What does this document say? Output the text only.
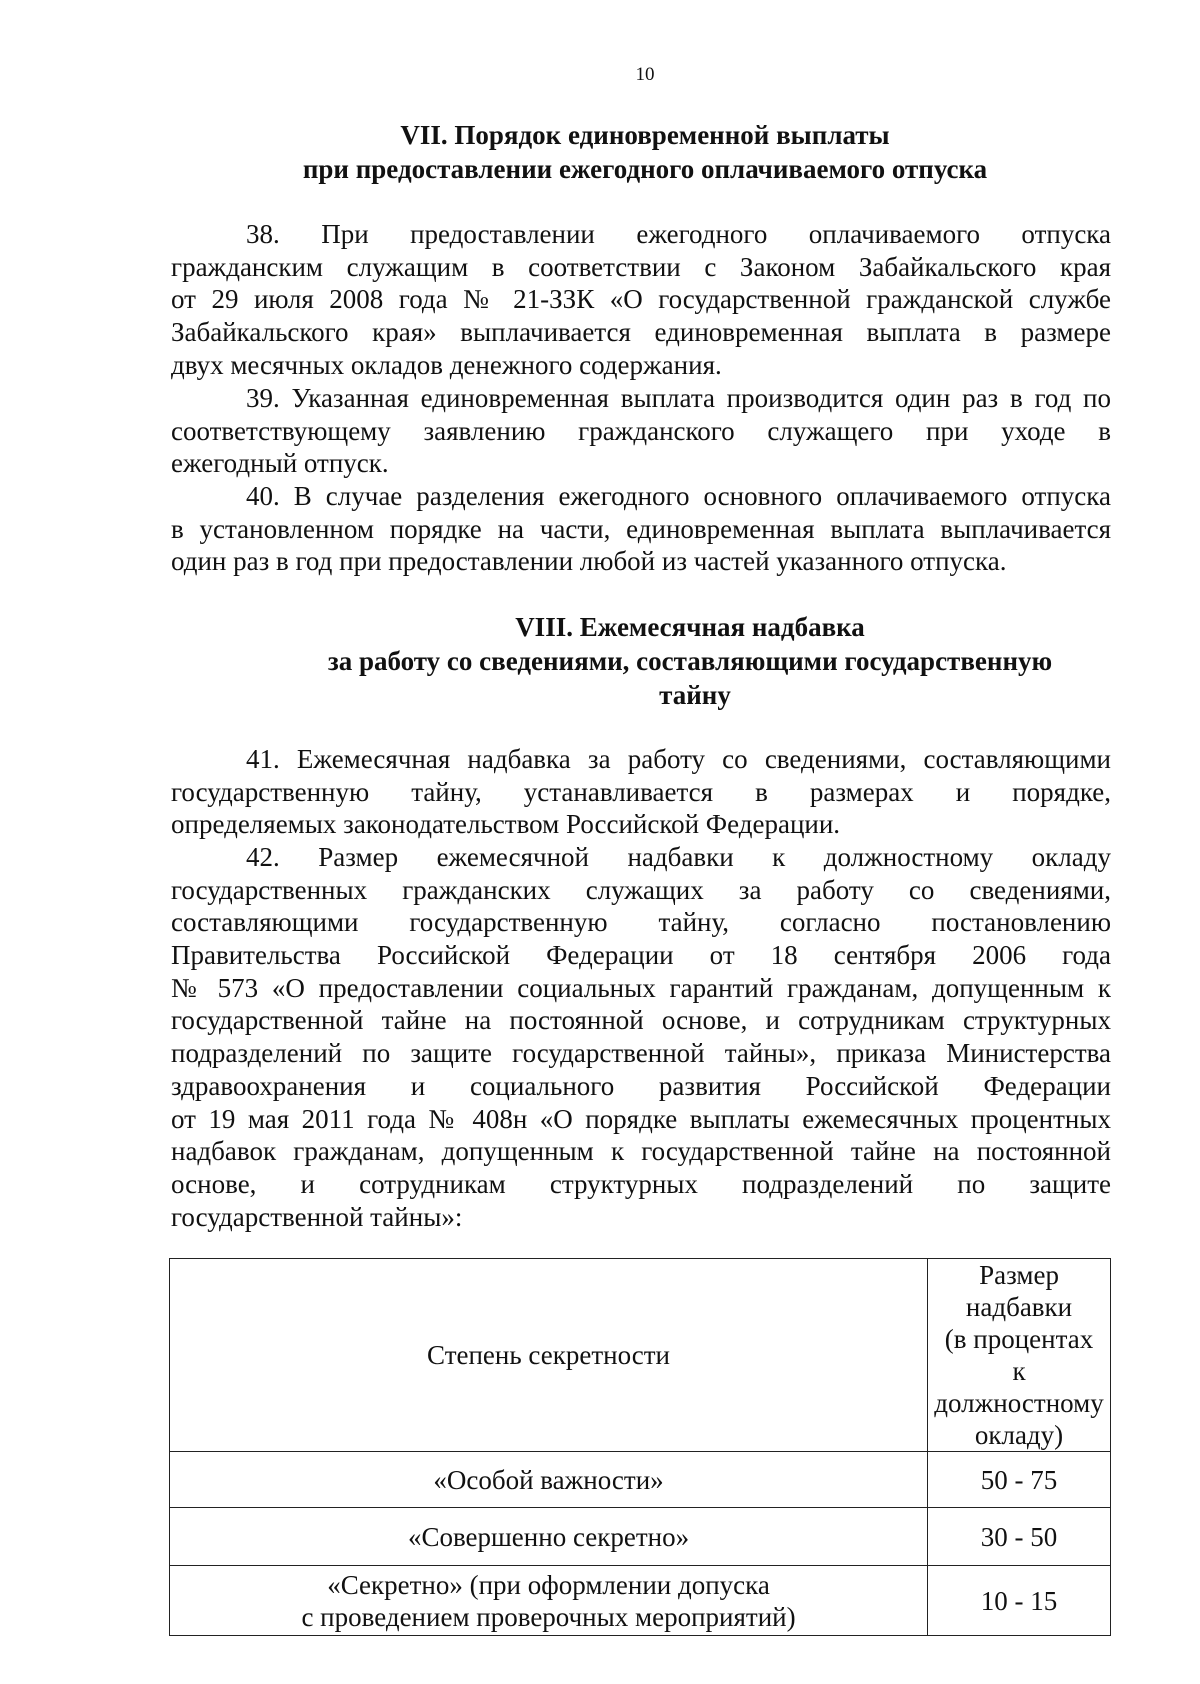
10
VII. Порядок единовременной выплаты
при предоставлении ежегодного оплачиваемого отпуска
38. При предоставлении ежегодного оплачиваемого отпуска
гражданским служащим в соответствии с Законом Забайкальского края
от 29 июля 2008 года № 21-ЗЗК «О государственной гражданской службе
Забайкальского края» выплачивается единовременная выплата в размере
двух месячных окладов денежного содержания.
39. Указанная единовременная выплата производится один раз в год по
соответствующему заявлению гражданского служащего при уходе в
ежегодный отпуск.
40. В случае разделения ежегодного основного оплачиваемого отпуска
в установленном порядке на части, единовременная выплата выплачивается
один раз в год при предоставлении любой из частей указанного отпуска.
VIII. Ежемесячная надбавка
за работу со сведениями, составляющими государственную
тайну
41. Ежемесячная надбавка за работу со сведениями, составляющими
государственную тайну, устанавливается в размерах и порядке,
определяемых законодательством Российской Федерации.
42. Размер ежемесячной надбавки к должностному окладу
государственных гражданских служащих за работу со сведениями,
составляющими государственную тайну, согласно постановлению
Правительства Российской Федерации от 18 сентября 2006 года
№ 573 «О предоставлении социальных гарантий гражданам, допущенным к
государственной тайне на постоянной основе, и сотрудникам структурных
подразделений по защите государственной тайны», приказа Министерства
здравоохранения и социального развития Российской Федерации
от 19 мая 2011 года № 408н «О порядке выплаты ежемесячных процентных
надбавок гражданам, допущенным к государственной тайне на постоянной
основе, и сотрудникам структурных подразделений по защите
государственной тайны»:
Степень секретности	Размер надбавки
(в процентах
к должностному
окладу)

«Особой важности»	50 - 75

«Совершенно секретно»	30 - 50

«Секретно» (при оформлении допуска
с проведением проверочных мероприятий)	10 - 15
